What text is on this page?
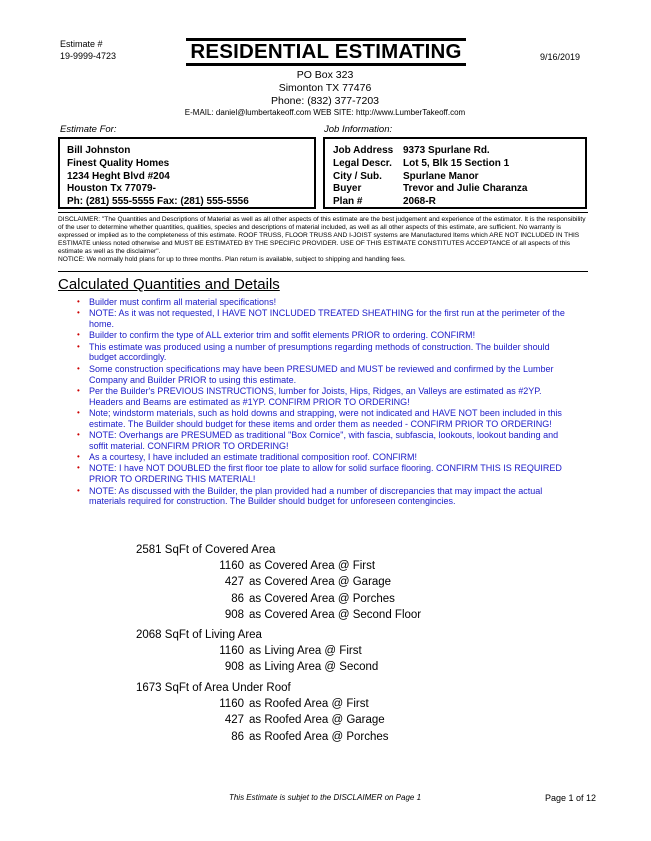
Estimate #
19-9999-4723	RESIDENTIAL ESTIMATING	9/16/2019
PO Box 323
Simonton TX 77476
Phone: (832) 377-7203
E-MAIL: daniel@lumbertakeoff.com WEB SITE: http://www.LumberTakeoff.com
Estimate For:	Job Information:
Bill Johnston
Finest Quality Homes
1234 Heght Blvd #204
Houston Tx 77079-
Ph: (281) 555-5555 Fax: (281) 555-5556
Job Address 9373 Spurlane Rd.
Legal Descr.	Lot 5, Blk 15 Section 1
City / Sub.	Spurlane Manor
Buyer	Trevor and Julie Charanza
Plan #	2068-R
DISCLAIMER: "The Quantities and Descriptions of Material as well as all other aspects of this estimate are the best judgement and experience of the estimator. It is the responsibility of the user to determine whether quantities, qualities, species and descriptions of material included, as well as all other aspects of this estimate, are sufficient. No warranty is expressed or implied as to the completeness of this estimate. ROOF TRUSS, FLOOR TRUSS AND I-JOIST systems are Manufactured Items which ARE NOT INCLUDED IN THIS ESTIMATE unless noted otherwise and MUST BE ESTIMATED BY THE SPECIFIC PROVIDER. USE OF THIS ESTIMATE CONSTITUTES ACCEPTANCE of all aspects of this estimate as well as the disclaimer".
NOTICE: We normally hold plans for up to three months. Plan return is available, subject to shipping and handling fees.
Calculated Quantities and Details
• Builder must confirm all material specifications!
• NOTE: As it was not requested, I HAVE NOT INCLUDED TREATED SHEATHING for the first run at the perimeter of the home.
• Builder to confirm the type of ALL exterior trim and soffit elements PRIOR to ordering. CONFIRM!
• This estimate was produced using a number of presumptions regarding methods of construction. The builder should budget accordingly.
• Some construction specifications may have been PRESUMED and MUST be reviewed and confirmed by the Lumber Company and Builder PRIOR to using this estimate.
• Per the Builder's PREVIOUS INSTRUCTIONS, lumber for Joists, Hips, Ridges, an Valleys are estimated as #2YP. Headers and Beams are estimated as #1YP. CONFIRM PRIOR TO ORDERING!
• Note; windstorm materials, such as hold downs and strapping, were not indicated and HAVE NOT been included in this estimate. The Builder should budget for these items and order them as needed - CONFIRM PRIOR TO ORDERING!
• NOTE: Overhangs are PRESUMED as traditional "Box Cornice", with fascia, subfascia, lookouts, lookout banding and soffit material. CONFIRM PRIOR TO ORDERING!
• As a courtesy, I have included an estimate traditional composition roof. CONFIRM!
• NOTE: I have NOT DOUBLED the first floor toe plate to allow for solid surface flooring. CONFIRM THIS IS REQUIRED PRIOR TO ORDERING THIS MATERIAL!
• NOTE: As discussed with the Builder, the plan provided had a number of discrepancies that may impact the actual materials required for construction. The Builder should budget for unforeseen contengincies.
2581 SqFt of Covered Area
1160 as Covered Area @ First
427 as Covered Area @ Garage
86 as Covered Area @ Porches
908 as Covered Area @ Second Floor
2068 SqFt of Living Area
1160 as Living Area @ First
908 as Living Area @ Second
1673 SqFt of Area Under Roof
1160 as Roofed Area @ First
427 as Roofed Area @ Garage
86 as Roofed Area @ Porches
This Estimate is subjet to the DISCLAIMER on Page 1	Page 1 of 12
